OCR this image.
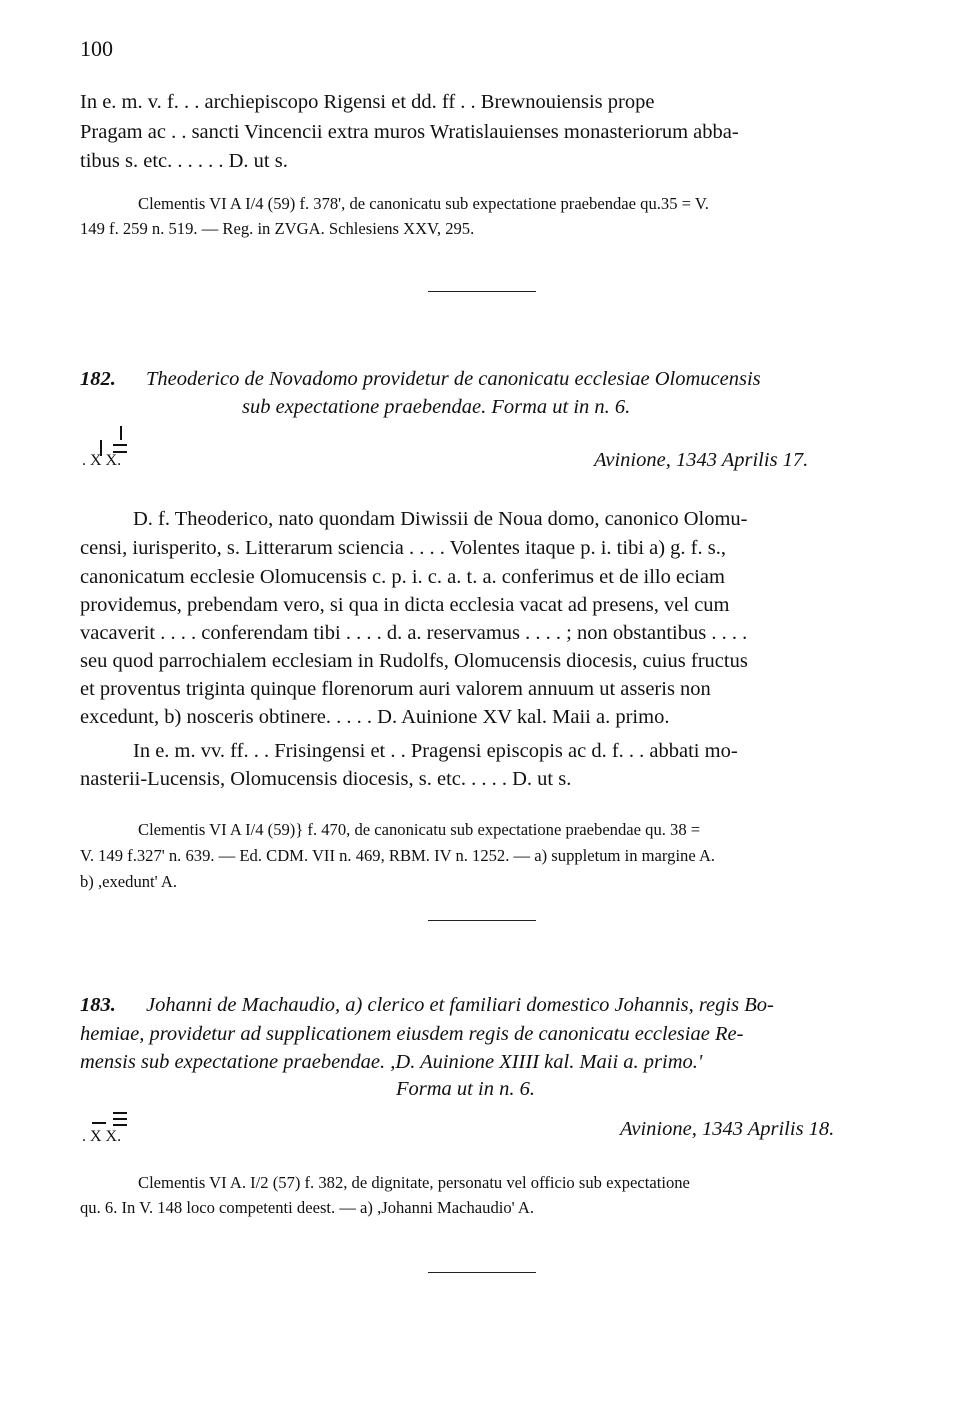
100
In e. m. v. f. . . archiepiscopo Rigensi et dd. ff . . Brewnouiensis prope
Pragam ac . . sancti Vincencii extra muros Wratislauienses monasteriorum abba-
tibus s. etc. . . . . . D. ut s.
Clementis VI A I/4 (59) f. 378', de canonicatu sub expectatione praebendae qu.35 = V.
149 f. 259 n. 519. — Reg. in ZVGA. Schlesiens XXV, 295.
182. Theoderico de Novadomo providetur de canonicatu ecclesiae Olomucensis
sub expectatione praebendae. Forma ut in n. 6.
. X X.	Avinione, 1343 Aprilis 17.
D. f. Theoderico, nato quondam Diwissii de Noua domo, canonico Olomu-
censi, iurisperito, s. Litterarum sciencia . . . . Volentes itaque p. i. tibi a) g. f. s.,
canonicatum ecclesie Olomucensis c. p. i. c. a. t. a. conferimus et de illo eciam
providemus, prebendam vero, si qua in dicta ecclesia vacat ad presens, vel cum
vacaverit . . . . conferendam tibi . . . . d. a. reservamus . . . . ; non obstantibus . . . .
seu quod parrochialem ecclesiam in Rudolfs, Olomucensis diocesis, cuius fructus
et proventus triginta quinque florenorum auri valorem annuum ut asseris non
excedunt, b) nosceris obtinere. . . . . D. Auinione XV kal. Maii a. primo.
In e. m. vv. ff. . . Frisingensi et . . Pragensi episcopis ac d. f. . . abbati mo-
nasterii-Lucensis, Olomucensis diocesis, s. etc. . . . . D. ut s.
Clementis VI A I/4 (59)} f. 470, de canonicatu sub expectatione praebendae qu. 38 =
V. 149 f.327' n. 639. — Ed. CDM. VII n. 469, RBM. IV n. 1252. — a) suppletum in margine A.
b) ,exedunt' A.
183. Johanni de Machaudio, a) clerico et familiari domestico Johannis, regis Bo-
hemiae, providetur ad supplicationem eiusdem regis de canonicatu ecclesiae Re-
mensis sub expectatione praebendae. ,D. Auinione XIIII kal. Maii a. primo.'
Forma ut in n. 6.
. X X.	Avinione, 1343 Aprilis 18.
Clementis VI A. I/2 (57) f. 382, de dignitate, personatu vel officio sub expectatione
qu. 6. In V. 148 loco competenti deest. — a) ,Johanni Machaudio' A.
